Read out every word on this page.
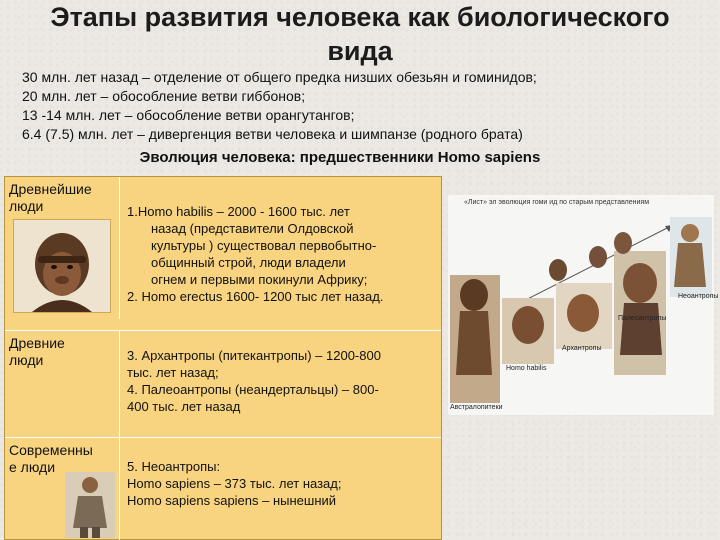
Этапы развития человека как биологического
вида
30 млн. лет назад – отделение от общего предка низших обезьян и гоминидов;
20 млн. лет – обособление ветви гиббонов;
13 -14 млн. лет – обособление ветви орангутангов;
6.4 (7.5) млн. лет – дивергенция ветви человека и шимпанзе (родного брата)
Эволюция человека: предшественники Homo sapiens
Древнейшие
люди	1.Homo habilis – 2000 - 1600 тыс. лет
назад (представители Олдовской
культуры ) существовал первобытно-
общинный строй, люди владели
огнем и первыми покинули Африку;
2. Homo erectus 1600- 1200 тыс лет назад.
Древние
люди	3. Архантропы (питекантропы) – 1200-800
тыс. лет назад;
4. Палеоантропы (неандертальцы) – 800-
400 тыс. лет назад
Современны
е люди	5. Неоантропы:
Homo sapiens – 373 тыс. лет назад;
Homo sapiens sapiens – нынешний
«Лист» эл эволюция гоми ид по старым представлениям
Неоантропы
Палеоантропы
Архантропы
Homo habilis
Австралопитеки
